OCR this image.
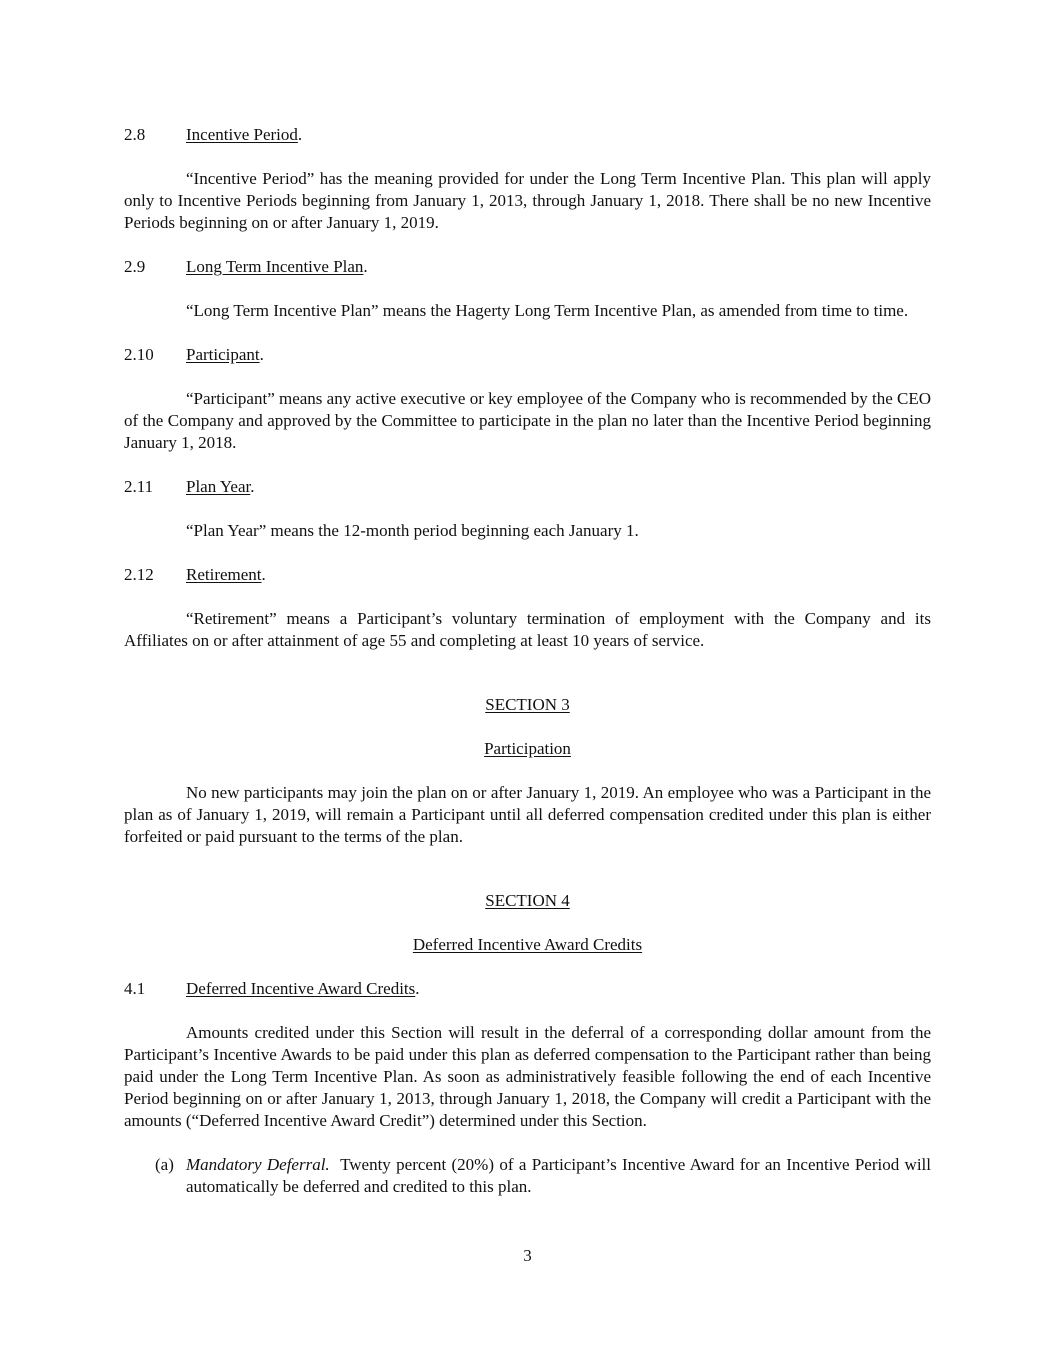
2.8 Incentive Period.

“Incentive Period” has the meaning provided for under the Long Term Incentive Plan. This plan will apply only to Incentive Periods beginning from January 1, 2013, through January 1, 2018. There shall be no new Incentive Periods beginning on or after January 1, 2019.

2.9 Long Term Incentive Plan.

“Long Term Incentive Plan” means the Hagerty Long Term Incentive Plan, as amended from time to time.

2.10 Participant.

“Participant” means any active executive or key employee of the Company who is recommended by the CEO of the Company and approved by the Committee to participate in the plan no later than the Incentive Period beginning January 1, 2018.

2.11 Plan Year.

“Plan Year” means the 12-month period beginning each January 1.

2.12 Retirement.

“Retirement” means a Participant’s voluntary termination of employment with the Company and its Affiliates on or after attainment of age 55 and completing at least 10 years of service.

SECTION 3
Participation

No new participants may join the plan on or after January 1, 2019. An employee who was a Participant in the plan as of January 1, 2019, will remain a Participant until all deferred compensation credited under this plan is either forfeited or paid pursuant to the terms of the plan.

SECTION 4
Deferred Incentive Award Credits
4.1 Deferred Incentive Award Credits.

Amounts credited under this Section will result in the deferral of a corresponding dollar amount from the Participant’s Incentive Awards to be paid under this plan as deferred compensation to the Participant rather than being paid under the Long Term Incentive Plan. As soon as administratively feasible following the end of each Incentive Period beginning on or after January 1, 2013, through January 1, 2018, the Company will credit a Participant with the amounts (“Deferred Incentive Award Credit”) determined under this Section.

(a) Mandatory Deferral. Twenty percent (20%) of a Participant’s Incentive Award for an Incentive Period will automatically be deferred and credited to this plan.
3
